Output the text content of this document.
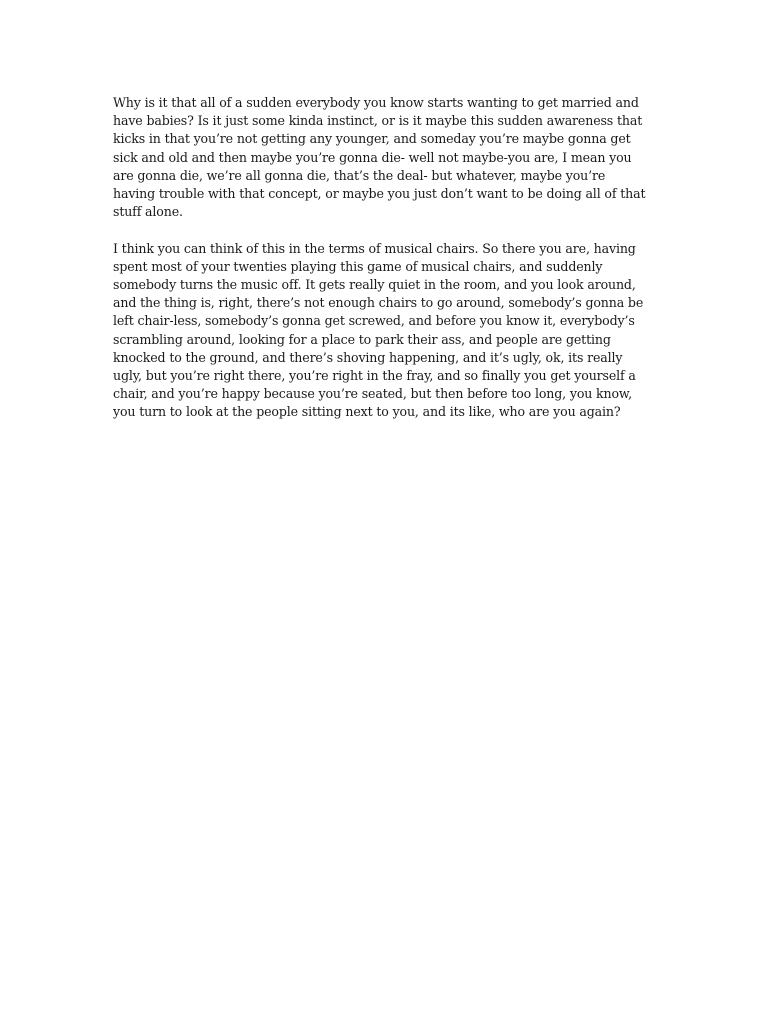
Why is it that all of a sudden everybody you know starts wanting to get married and
have babies? Is it just some kinda instinct, or is it maybe this sudden awareness that
kicks in that you’re not getting any younger, and someday you’re maybe gonna get
sick and old and then maybe you’re gonna die- well not maybe-you are, I mean you
are gonna die, we’re all gonna die, that’s the deal- but whatever, maybe you’re
having trouble with that concept, or maybe you just don’t want to be doing all of that
stuff alone.

I think you can think of this in the terms of musical chairs. So there you are, having
spent most of your twenties playing this game of musical chairs, and suddenly
somebody turns the music off. It gets really quiet in the room, and you look around,
and the thing is, right, there’s not enough chairs to go around, somebody’s gonna be
left chair-less, somebody’s gonna get screwed, and before you know it, everybody’s
scrambling around, looking for a place to park their ass, and people are getting
knocked to the ground, and there’s shoving happening, and it’s ugly, ok, its really
ugly, but you’re right there, you’re right in the fray, and so finally you get yourself a
chair, and you’re happy because you’re seated, but then before too long, you know,
you turn to look at the people sitting next to you, and its like, who are you again?
